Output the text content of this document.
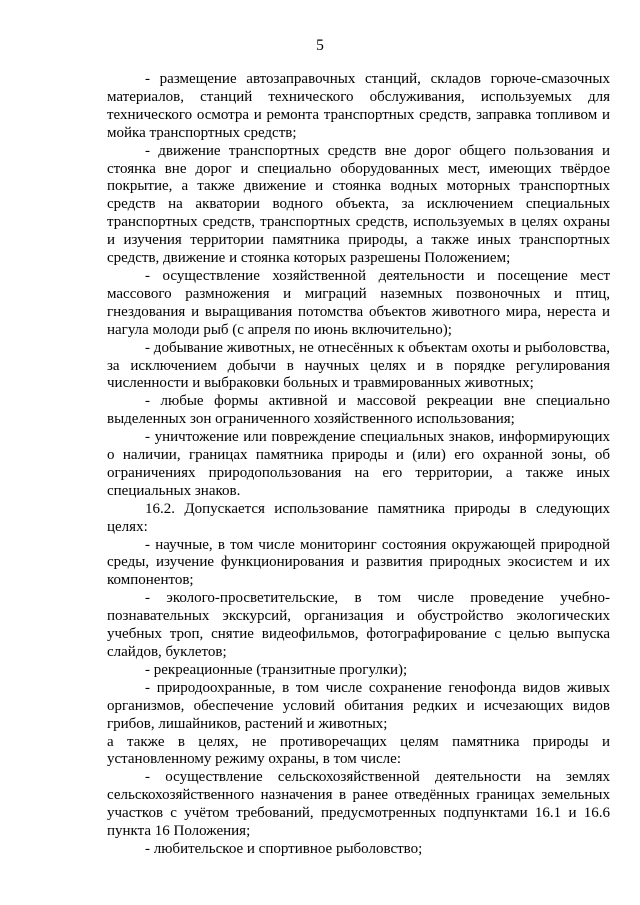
5

- размещение автозаправочных станций, складов горюче-смазочных материалов, станций технического обслуживания, используемых для технического осмотра и ремонта транспортных средств, заправка топливом и мойка транспортных средств;

- движение транспортных средств вне дорог общего пользования и стоянка вне дорог и специально оборудованных мест, имеющих твёрдое покрытие, а также движение и стоянка водных моторных транспортных средств на акватории водного объекта, за исключением специальных транспортных средств, транспортных средств, используемых в целях охраны и изучения территории памятника природы, а также иных транспортных средств, движение и стоянка которых разрешены Положением;

- осуществление хозяйственной деятельности и посещение мест массового размножения и миграций наземных позвоночных и птиц, гнездования и выращивания потомства объектов животного мира, нереста и нагула молоди рыб (с апреля по июнь включительно);

- добывание животных, не отнесённых к объектам охоты и рыболовства, за исключением добычи в научных целях и в порядке регулирования численности и выбраковки больных и травмированных животных;

- любые формы активной и массовой рекреации вне специально выделенных зон ограниченного хозяйственного использования;

- уничтожение или повреждение специальных знаков, информирующих о наличии, границах памятника природы и (или) его охранной зоны, об ограничениях природопользования на его территории, а также иных специальных знаков.

16.2. Допускается использование памятника природы в следующих целях:

- научные, в том числе мониторинг состояния окружающей природной среды, изучение функционирования и развития природных экосистем и их компонентов;

- эколого-просветительские, в том числе проведение учебно-познавательных экскурсий, организация и обустройство экологических учебных троп, снятие видеофильмов, фотографирование с целью выпуска слайдов, буклетов;

- рекреационные (транзитные прогулки);

- природоохранные, в том числе сохранение генофонда видов живых организмов, обеспечение условий обитания редких и исчезающих видов грибов, лишайников, растений и животных;

а также в целях, не противоречащих целям памятника природы и установленному режиму охраны, в том числе:

- осуществление сельскохозяйственной деятельности на землях сельскохозяйственного назначения в ранее отведённых границах земельных участков с учётом требований, предусмотренных подпунктами 16.1 и 16.6 пункта 16 Положения;

- любительское и спортивное рыболовство;
